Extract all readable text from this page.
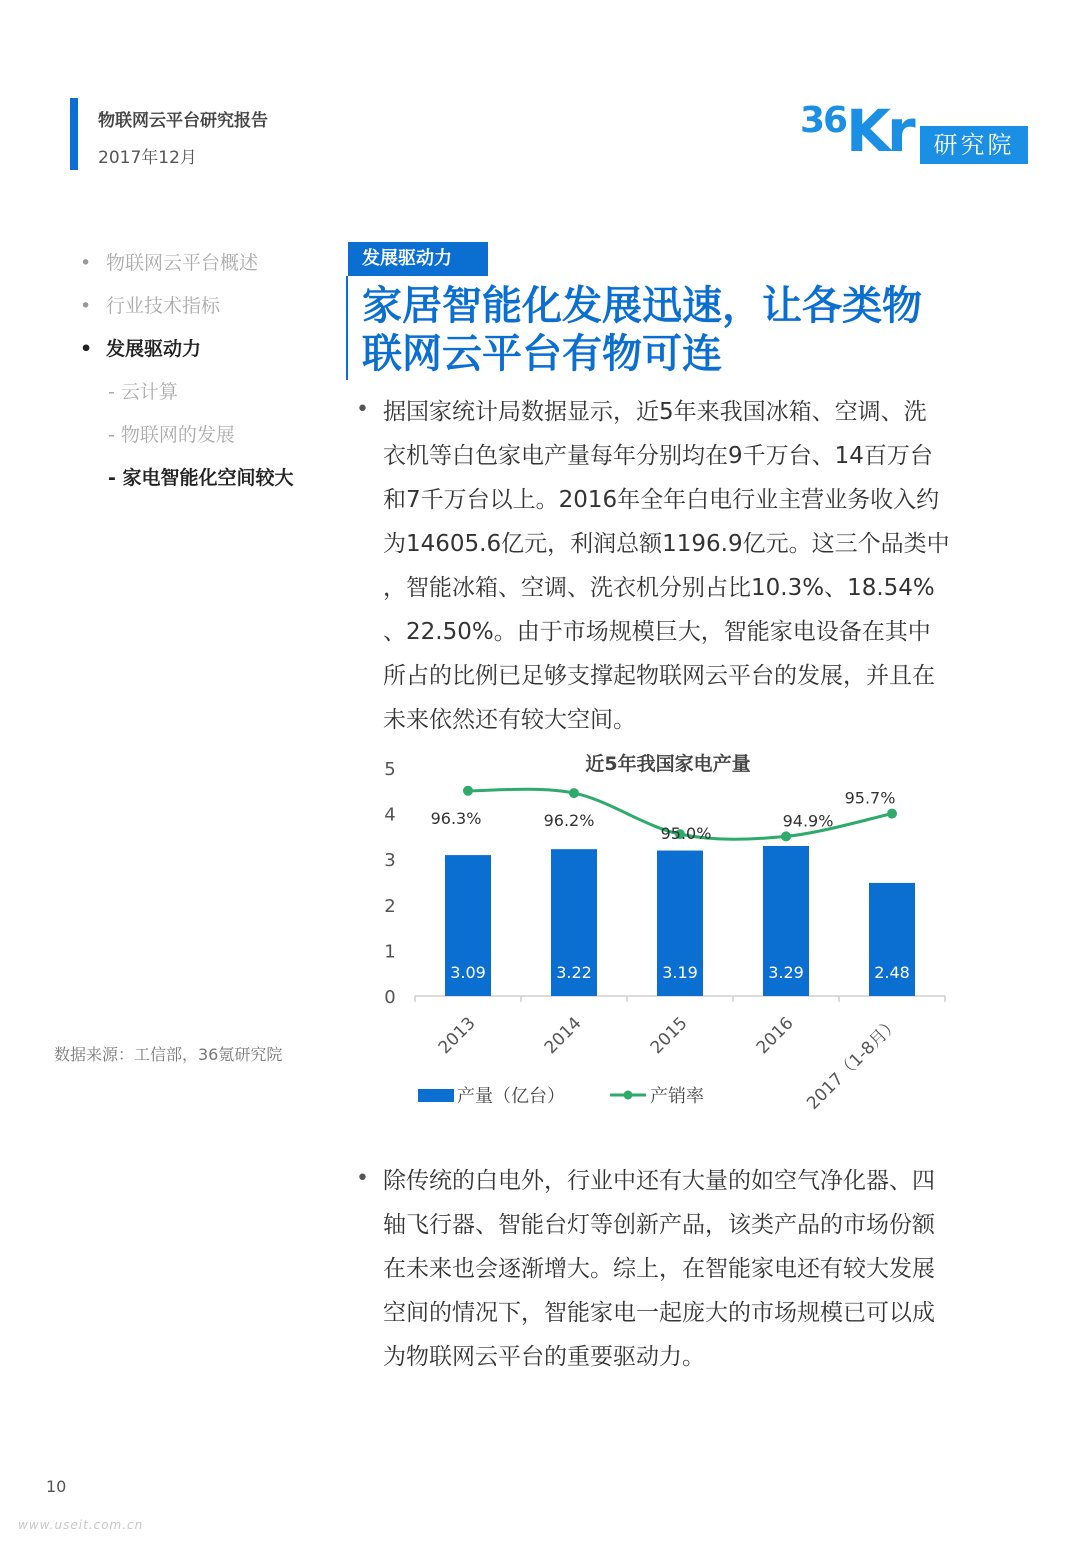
物联网云平台研究报告
2017年12月
36 Kr 研究院
• 物联网云平台概述
• 行业技术指标
• 发展驱动力
- 云计算
- 物联网的发展
- 家电智能化空间较大
发展驱动力
家居智能化发展迅速，让各类物
联网云平台有物可连
• 据国家统计局数据显示，近5年来我国冰箱、空调、洗
衣机等白色家电产量每年分别均在9千万台、14百万台
和7千万台以上。2016年全年白电行业主营业务收入约
为14605.6亿元，利润总额1196.9亿元。这三个品类中
，智能冰箱、空调、洗衣机分别占比10.3%、18.54%
、22.50%。由于市场规模巨大，智能家电设备在其中
所占的比例已足够支撑起物联网云平台的发展，并且在
未来依然还有较大空间。
近5年我国家电产量
0
1
2
3
4
5
3.09	3.22	3.19	3.29	2.48
96.3%	96.2%
95.0%
94.9%
95.7%
2013	2014	2015	2016 2017（1-8月）
产量（亿台）	产销率
数据来源：工信部，36氪研究院
• 除传统的白电外，行业中还有大量的如空气净化器、四
轴飞行器、智能台灯等创新产品，该类产品的市场份额
在未来也会逐渐增大。综上，在智能家电还有较大发展
空间的情况下，智能家电一起庞大的市场规模已可以成
为物联网云平台的重要驱动力。
10
www.useit.com.cn
